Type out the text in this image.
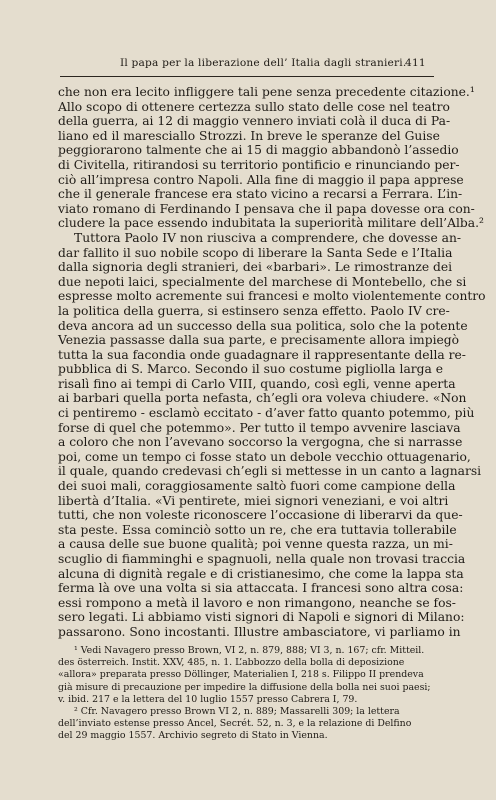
Il papa per la liberazione dell’ Italia dagli stranieri.
411
che non era lecito infliggere tali pene senza precedente citazione.¹
Allo scopo di ottenere certezza sullo stato delle cose nel teatro
della guerra, ai 12 di maggio vennero inviati colà il duca di Pa-
liano ed il maresciallo Strozzi. In breve le speranze del Guise
peggiorarono talmente che ai 15 di maggio abbandonò l’assedio
di Civitella, ritirandosi su territorio pontificio e rinunciando per-
ciò all’impresa contro Napoli. Alla fine di maggio il papa apprese
che il generale francese era stato vicino a recarsi a Ferrara. L’in-
viato romano di Ferdinando I pensava che il papa dovesse ora con-
cludere la pace essendo indubitata la superiorità militare dell’Alba.²
Tuttora Paolo IV non riusciva a comprendere, che dovesse an-
dar fallito il suo nobile scopo di liberare la Santa Sede e l’Italia
dalla signoria degli stranieri, dei «barbari». Le rimostranze dei
due nepoti laici, specialmente del marchese di Montebello, che si
espresse molto acremente sui francesi e molto violentemente contro
la politica della guerra, si estinsero senza effetto. Paolo IV cre-
deva ancora ad un successo della sua politica, solo che la potente
Venezia passasse dalla sua parte, e precisamente allora impiegò
tutta la sua facondia onde guadagnare il rappresentante della re-
pubblica di S. Marco. Secondo il suo costume pigliolla larga e
risalì fino ai tempi di Carlo VIII, quando, così egli, venne aperta
ai barbari quella porta nefasta, ch’egli ora voleva chiudere. «Non
ci pentiremo - esclamò eccitato - d’aver fatto quanto potemmo, più
forse di quel che potemmo». Per tutto il tempo avvenire lasciava
a coloro che non l’avevano soccorso la vergogna, che si narrasse
poi, come un tempo ci fosse stato un debole vecchio ottuagenario,
il quale, quando credevasi ch’egli si mettesse in un canto a lagnarsi
dei suoi mali, coraggiosamente saltò fuori come campione della
libertà d’Italia. «Vi pentirete, miei signori veneziani, e voi altri
tutti, che non voleste riconoscere l’occasione di liberarvi da que-
sta peste. Essa cominciò sotto un re, che era tuttavia tollerabile
a causa delle sue buone qualità; poi venne questa razza, un mi-
scuglio di fiamminghi e spagnuoli, nella quale non trovasi traccia
alcuna di dignità regale e di cristianesimo, che come la lappa sta
ferma là ove una volta si sia attaccata. I francesi sono altra cosa:
essi rompono a metà il lavoro e non rimangono, neanche se fos-
sero legati. Li abbiamo visti signori di Napoli e signori di Milano:
passarono. Sono incostanti. Illustre ambasciatore, vi parliamo in
¹ Vedi Navagero presso Brown, VI 2, n. 879, 888; VI 3, n. 167; cfr. Mitteil.
des österreich. Instit. XXV, 485, n. 1. L’abbozzo della bolla di deposizione
«allora» preparata presso Döllinger, Materialien I, 218 s. Filippo II prendeva
già misure di precauzione per impedire la diffusione della bolla nei suoi paesi;
v. ibid. 217 e la lettera del 10 luglio 1557 presso Cabrera I, 79.
² Cfr. Navagero presso Brown VI 2, n. 889; Massarelli 309; la lettera
dell’inviato estense presso Ancel, Secrét. 52, n. 3, e la relazione di Delfino
del 29 maggio 1557. Archivio segreto di Stato in Vienna.
